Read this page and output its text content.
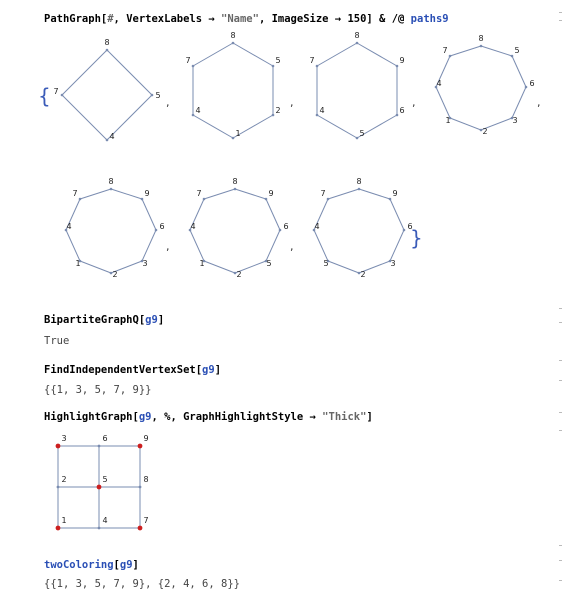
PathGraph[#, VertexLabels → "Name", ImageSize → 150] & /@ paths9
{
}
,	,	,	,
,	,
8
5
4
7
8
5
2
1
4
7
8
9
6
5
4
7
8
5
6
3
2
1
4
7
8
9
6
3
2
1
4
7
8
9
6
5
2
1
4
7
8
9
6
3
2
5
4
7
BipartiteGraphQ[g9]
True
FindIndependentVertexSet[g9]
{{1, 3, 5, 7, 9}}
HighlightGraph[g9, %, GraphHighlightStyle → "Thick"]
3	6	9
2	5	8
1	4	7
twoColoring[g9]
{{1, 3, 5, 7, 9}, {2, 4, 6, 8}}
